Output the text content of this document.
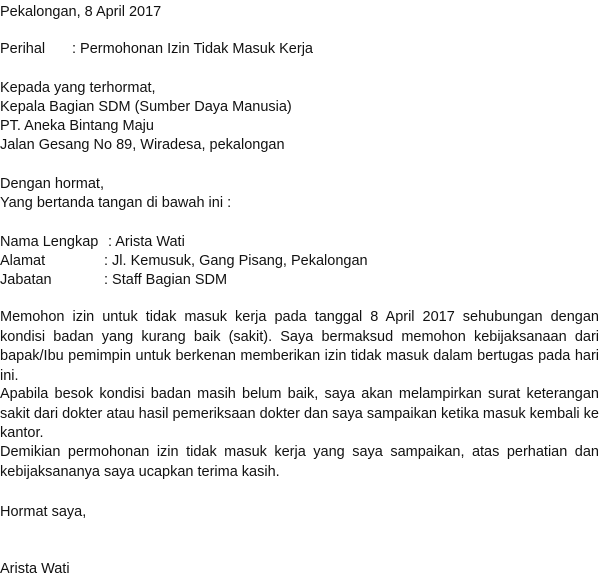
Pekalongan, 8 April 2017
Perihal : Permohonan Izin Tidak Masuk Kerja
Kepada yang terhormat,
Kepala Bagian SDM (Sumber Daya Manusia)
PT. Aneka Bintang Maju
Jalan Gesang No 89, Wiradesa, pekalongan
Dengan hormat,
Yang bertanda tangan di bawah ini :
Nama Lengkap : Arista Wati
Alamat	: Jl. Kemusuk, Gang Pisang, Pekalongan
Jabatan	: Staff Bagian SDM
Memohon izin untuk tidak masuk kerja pada tanggal 8 April 2017 sehubungan dengan kondisi badan yang kurang baik (sakit). Saya bermaksud memohon kebijaksanaan dari bapak/Ibu pemimpin untuk berkenan memberikan izin tidak masuk dalam bertugas pada hari ini.
Apabila besok kondisi badan masih belum baik, saya akan melampirkan surat keterangan sakit dari dokter atau hasil pemeriksaan dokter dan saya sampaikan ketika masuk kembali ke kantor.
Demikian permohonan izin tidak masuk kerja yang saya sampaikan, atas perhatian dan kebijaksananya saya ucapkan terima kasih.
Hormat saya,
Arista Wati
